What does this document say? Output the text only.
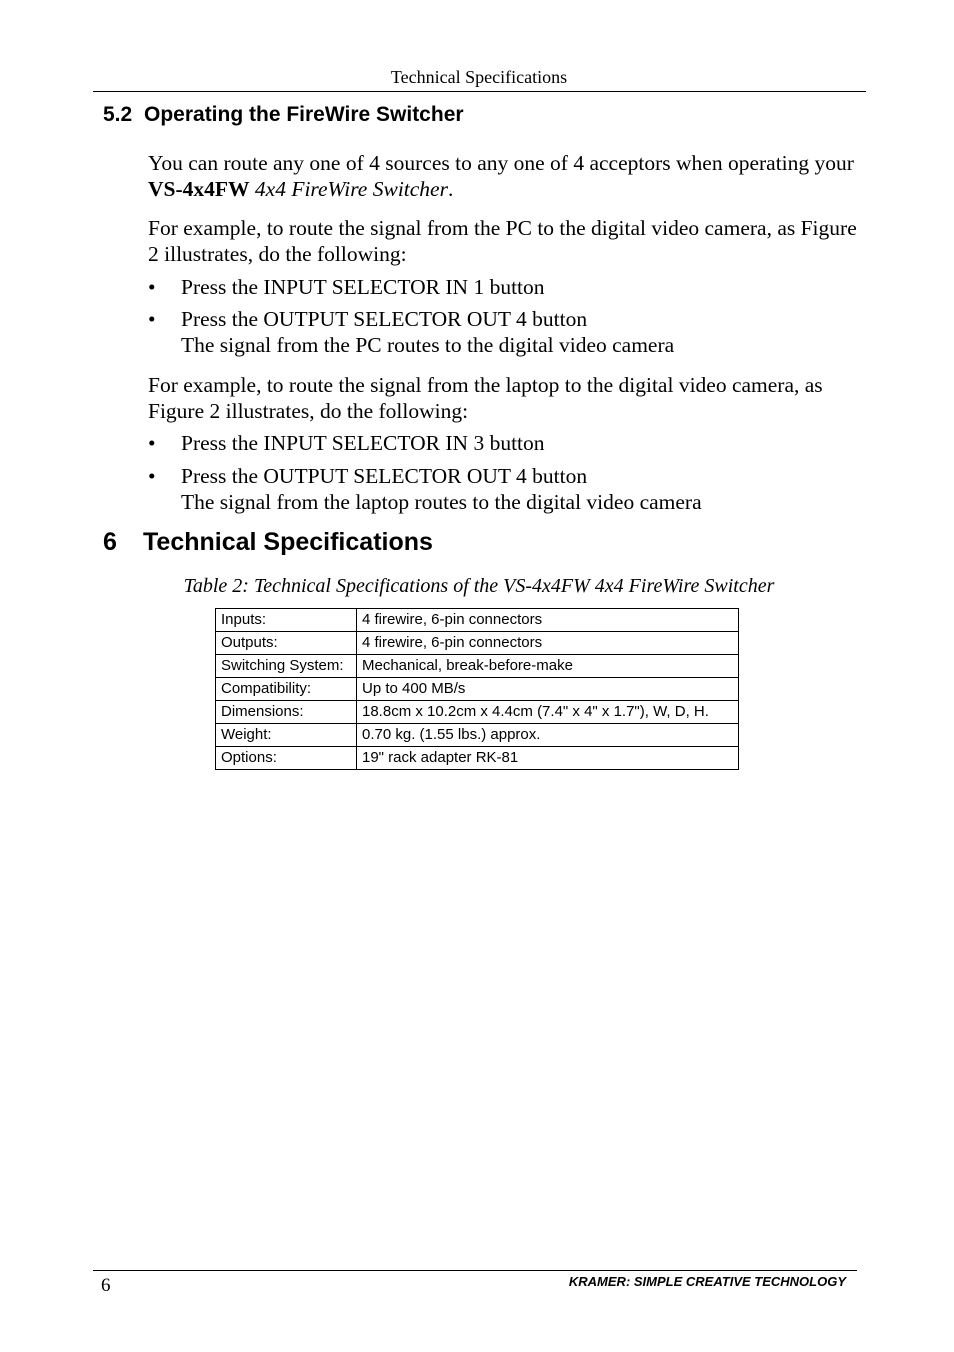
Technical Specifications
5.2 Operating the FireWire Switcher
You can route any one of 4 sources to any one of 4 acceptors when operating your VS-4x4FW 4x4 FireWire Switcher.
For example, to route the signal from the PC to the digital video camera, as Figure 2 illustrates, do the following:
•	Press the INPUT SELECTOR IN 1 button
•	Press the OUTPUT SELECTOR OUT 4 button
The signal from the PC routes to the digital video camera
For example, to route the signal from the laptop to the digital video camera, as Figure 2 illustrates, do the following:
•	Press the INPUT SELECTOR IN 3 button
•	Press the OUTPUT SELECTOR OUT 4 button
The signal from the laptop routes to the digital video camera
6 Technical Specifications
Table 2: Technical Specifications of the VS-4x4FW 4x4 FireWire Switcher
Inputs:	4 firewire, 6-pin connectors
Outputs:	4 firewire, 6-pin connectors
Switching System:	Mechanical, break-before-make
Compatibility:	Up to 400 MB/s
Dimensions:	18.8cm x 10.2cm x 4.4cm (7.4" x 4" x 1.7"), W, D, H.
Weight:	0.70 kg. (1.55 lbs.) approx.
Options:	19" rack adapter RK-81
6	KRAMER: SIMPLE CREATIVE TECHNOLOGY
